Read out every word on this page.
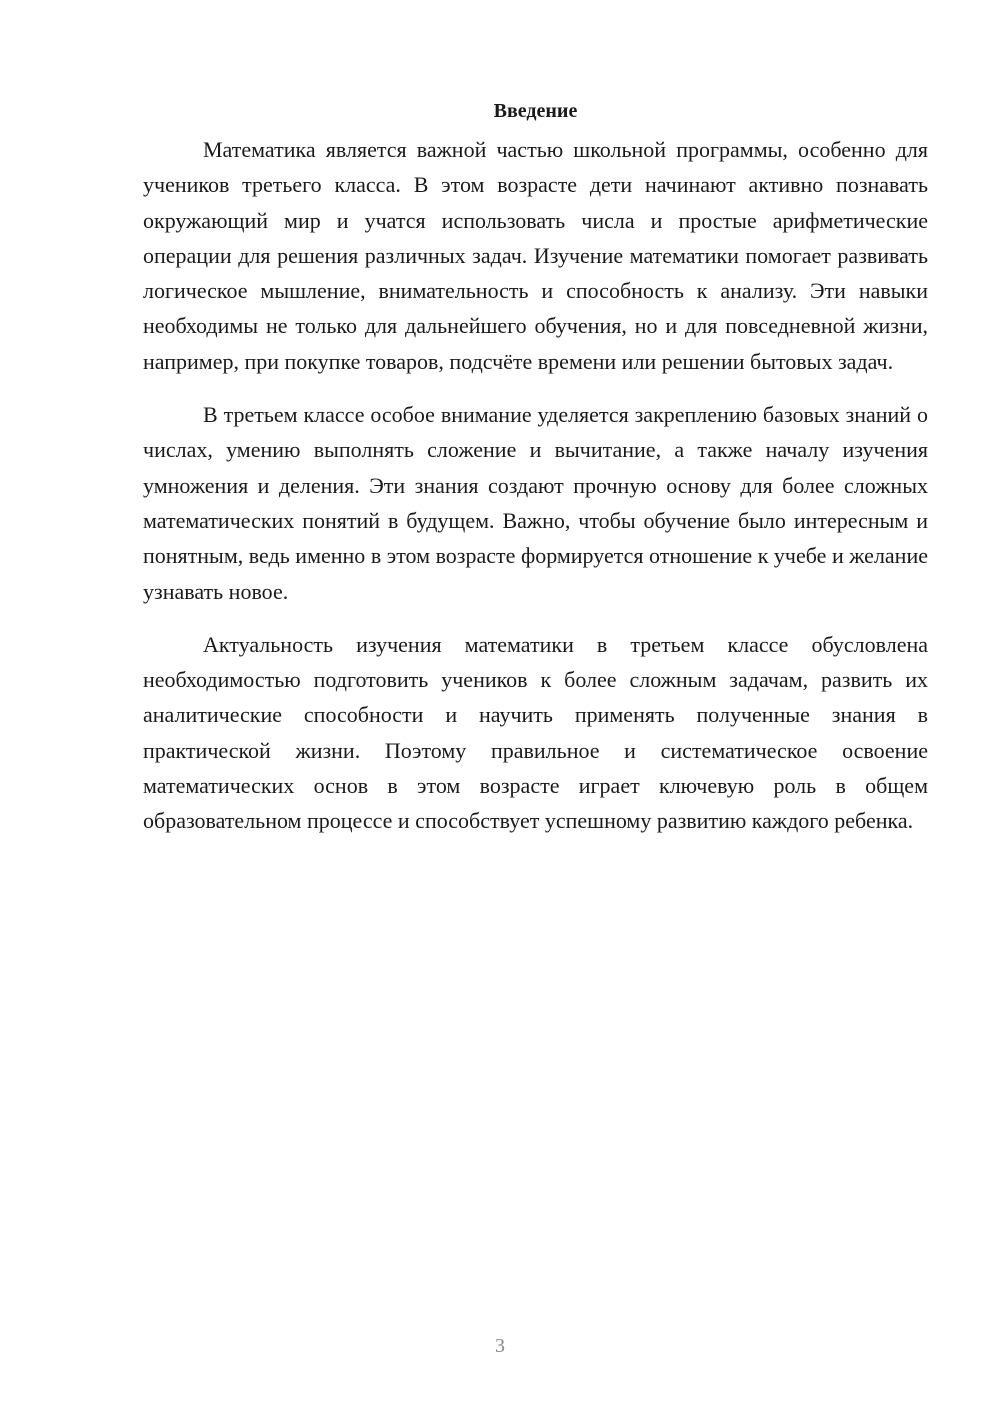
Введение

Математика является важной частью школьной программы, особенно для учеников третьего класса. В этом возрасте дети начинают активно познавать окружающий мир и учатся использовать числа и простые арифметические операции для решения различных задач. Изучение математики помогает развивать логическое мышление, внимательность и способность к анализу. Эти навыки необходимы не только для дальнейшего обучения, но и для повседневной жизни, например, при покупке товаров, подсчёте времени или решении бытовых задач.

В третьем классе особое внимание уделяется закреплению базовых знаний о числах, умению выполнять сложение и вычитание, а также началу изучения умножения и деления. Эти знания создают прочную основу для более сложных математических понятий в будущем. Важно, чтобы обучение было интересным и понятным, ведь именно в этом возрасте формируется отношение к учебе и желание узнавать новое.

Актуальность изучения математики в третьем классе обусловлена необходимостью подготовить учеников к более сложным задачам, развить их аналитические способности и научить применять полученные знания в практической жизни. Поэтому правильное и систематическое освоение математических основ в этом возрасте играет ключевую роль в общем образовательном процессе и способствует успешному развитию каждого ребенка.

3
